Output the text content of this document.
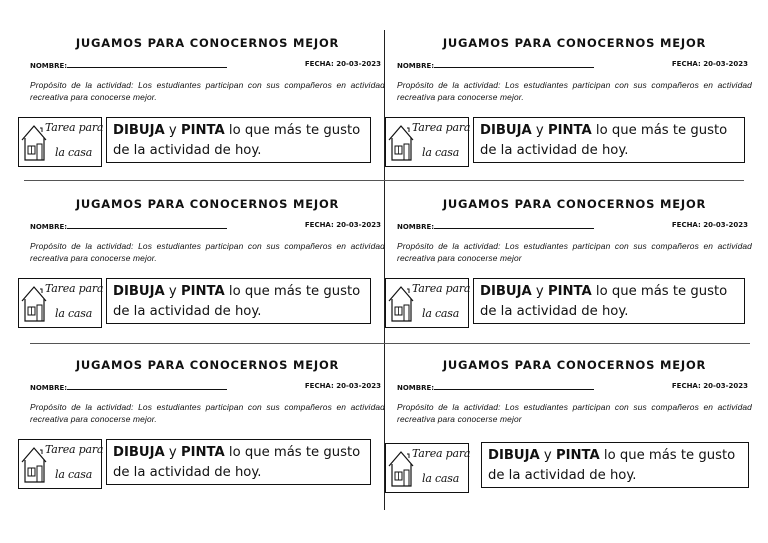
JUGAMOS PARA CONOCERNOS MEJOR
NOMBRE:	FECHA: 20-03-2023
Propósito de la actividad: Los estudiantes participan con sus compañeros en actividad recreativa para conocerse mejor.
Tarea para
la casa
DIBUJA y PINTA lo que más te gusto de la actividad de hoy.
JUGAMOS PARA CONOCERNOS MEJOR
NOMBRE:	FECHA: 20-03-2023
Propósito de la actividad: Los estudiantes participan con sus compañeros en actividad recreativa para conocerse mejor.
Tarea para
la casa
DIBUJA y PINTA lo que más te gusto de la actividad de hoy.
JUGAMOS PARA CONOCERNOS MEJOR
NOMBRE:	FECHA: 20-03-2023
Propósito de la actividad: Los estudiantes participan con sus compañeros en actividad recreativa para conocerse mejor.
Tarea para
la casa
DIBUJA y PINTA lo que más te gusto de la actividad de hoy.
JUGAMOS PARA CONOCERNOS MEJOR
NOMBRE:	FECHA: 20-03-2023
Propósito de la actividad: Los estudiantes participan con sus compañeros en actividad recreativa para conocerse mejor
Tarea para
la casa
DIBUJA y PINTA lo que más te gusto de la actividad de hoy.
JUGAMOS PARA CONOCERNOS MEJOR
NOMBRE:	FECHA: 20-03-2023
Propósito de la actividad: Los estudiantes participan con sus compañeros en actividad recreativa para conocerse mejor.
Tarea para
la casa
DIBUJA y PINTA lo que más te gusto de la actividad de hoy.
JUGAMOS PARA CONOCERNOS MEJOR
NOMBRE:	FECHA: 20-03-2023
Propósito de la actividad: Los estudiantes participan con sus compañeros en actividad recreativa para conocerse mejor
Tarea para
la casa
DIBUJA y PINTA lo que más te gusto de la actividad de hoy.
